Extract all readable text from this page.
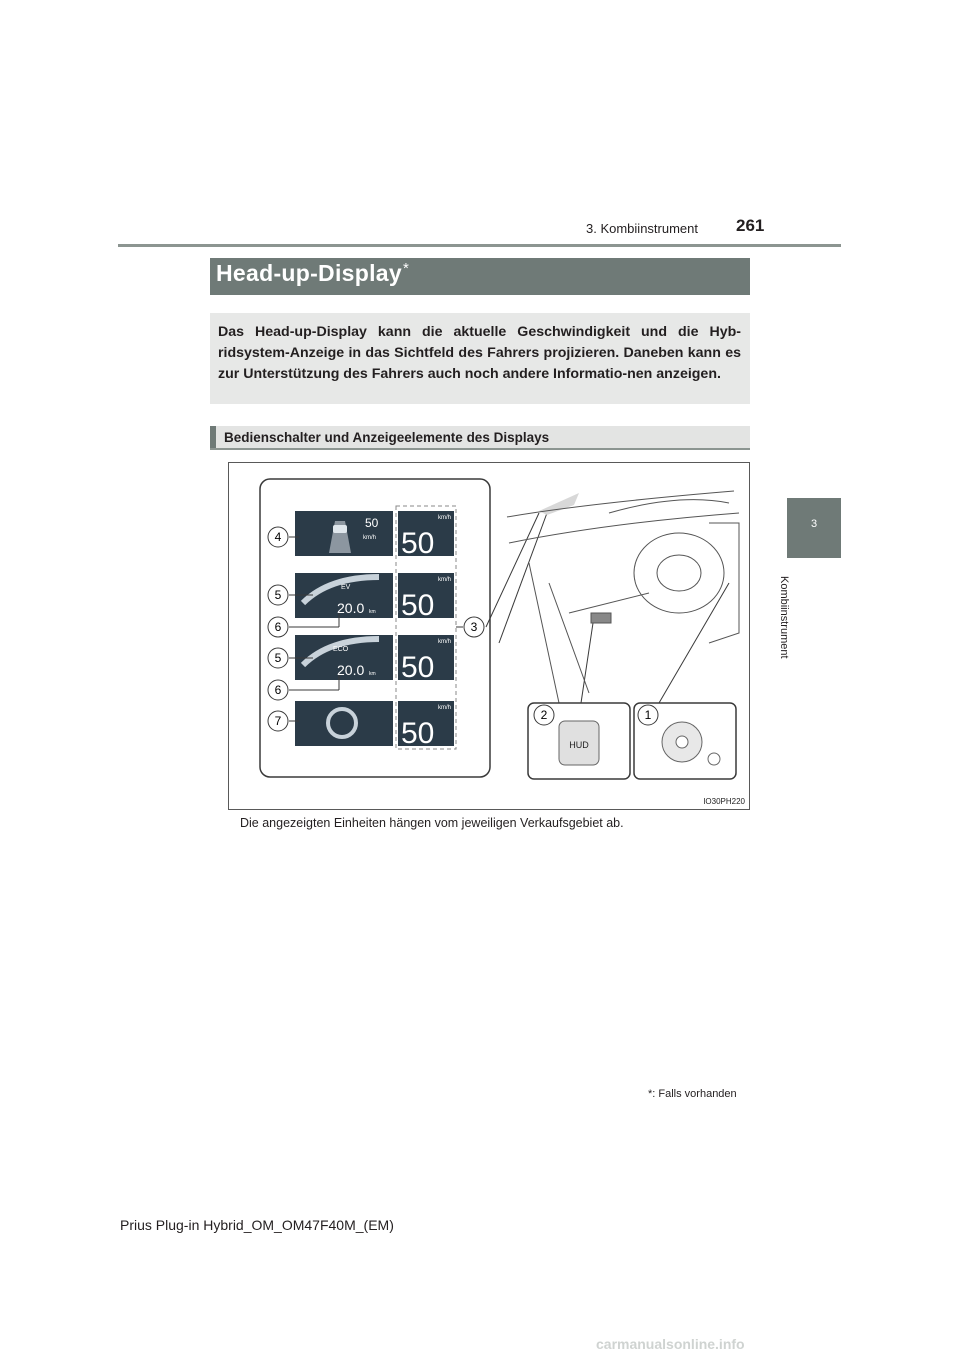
3. Kombiinstrument 261
3
Kombiinstrument
Head-up-Display*

Das Head-up-Display kann die aktuelle Geschwindigkeit und die Hyb-ridsystem-Anzeige in das Sichtfeld des Fahrers projizieren. Daneben kann es zur Unterstützung des Fahrers auch noch andere Informatio-nen anzeigen.

Bedienschalter und Anzeigeelemente des Displays
50
km/h
km/h
50
EV
20.0 km
km/h
50
ECO
20.0 km
km/h
50
km/h
50
4
5
6
5
6
7
3
HUD
2	1
IO30PH220
Die angezeigten Einheiten hängen vom jeweiligen Verkaufsgebiet ab.
*: Falls vorhanden
Prius Plug-in Hybrid_OM_OM47F40M_(EM)
carmanualsonline.info
